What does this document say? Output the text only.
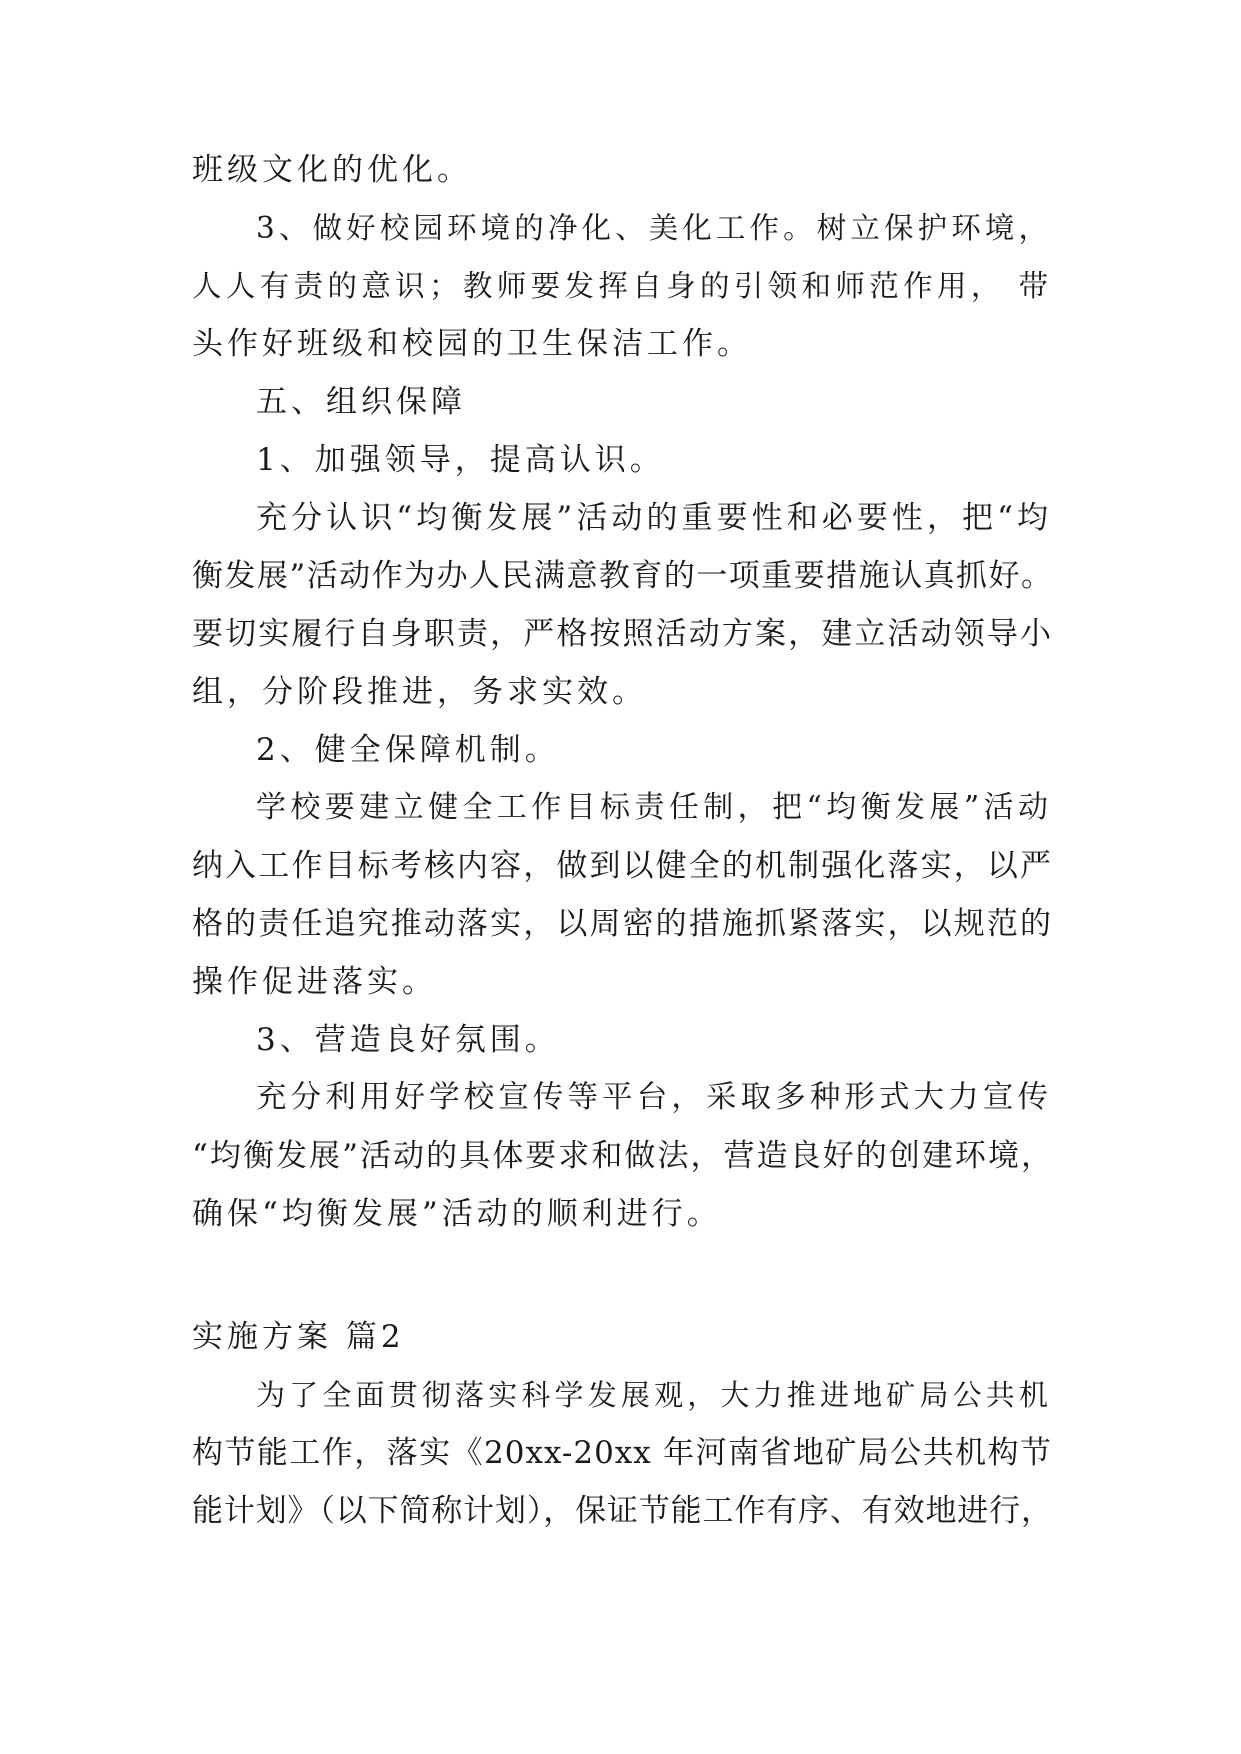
班级文化的优化。
3、做好校园环境的净化、美化工作。树立保护环境，
人人有责的意识；教师要发挥自身的引领和师范作用， 带
头作好班级和校园的卫生保洁工作。
五、组织保障
1、加强领导，提高认识。
充分认识“均衡发展”活动的重要性和必要性，把“均
衡发展”活动作为办人民满意教育的一项重要措施认真抓好。
要切实履行自身职责，严格按照活动方案，建立活动领导小
组，分阶段推进，务求实效。
2、健全保障机制。
学校要建立健全工作目标责任制，把“均衡发展”活动
纳入工作目标考核内容，做到以健全的机制强化落实，以严
格的责任追究推动落实，以周密的措施抓紧落实，以规范的
操作促进落实。
3、营造良好氛围。
充分利用好学校宣传等平台，采取多种形式大力宣传
“均衡发展”活动的具体要求和做法，营造良好的创建环境，
确保“均衡发展”活动的顺利进行。
实施方案 篇2
为了全面贯彻落实科学发展观，大力推进地矿局公共机
构节能工作，落实《20xx-20xx 年河南省地矿局公共机构节
能计划》（以下简称计划），保证节能工作有序、有效地进行，
